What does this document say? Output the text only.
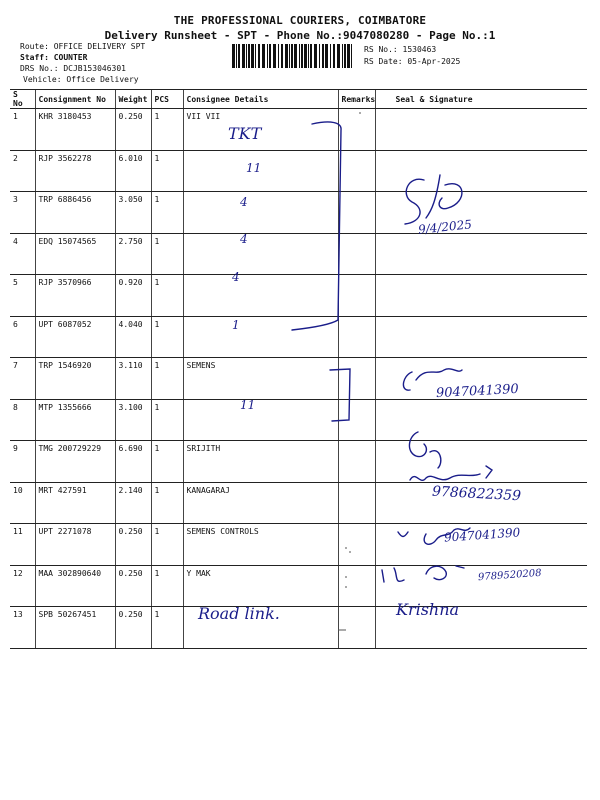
THE PROFESSIONAL COURIERS, COIMBATORE
Delivery Runsheet - SPT - Phone No.:9047080280 - Page No.:1
Route: OFFICE DELIVERY SPT
Staff: COUNTER
DRS No.: DCJB153046301
Vehicle: Office Delivery
RS No.: 1530463
RS Date: 05-Apr-2025
S No	Consignment No	Weight	PCS	Consignee Details	Remarks	Seal & Signature
1	KHR 3180453	0.250	1	VII VII		
2	RJP 3562278	6.010	1			
3	TRP 6886456	3.050	1			
4	EDQ 15074565	2.750	1			
5	RJP 3570966	0.920	1			
6	UPT 6087052	4.040	1			
7	TRP 1546920	3.110	1	SEMENS		
8	MTP 1355666	3.100	1			
9	TMG 200729229	6.690	1	SRIJITH		
10	MRT 427591	2.140	1	KANAGARAJ		
11	UPT 2271078	0.250	1	SEMENS CONTROLS		
12	MAA 302890640	0.250	1	Y MAK		
13	SPB 50267451	0.250	1			
TKT
11
4
4
4
1
11
9/4/2025
9047041390
9786822359
9047041390
9789520208
Road link.	Krishna
